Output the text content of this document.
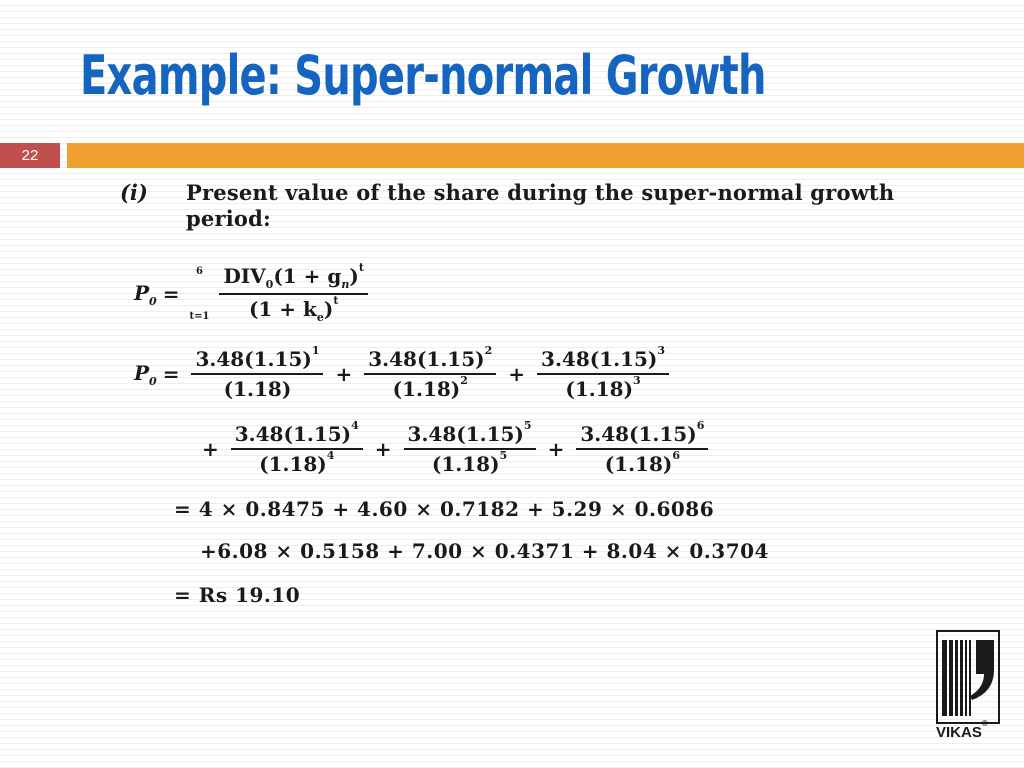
Example: Super-normal Growth
22
(i) Present value of the share during the super-normal growth period:
$P_0$ =
6
$t=1 \frac{DIV_0(1 + g_n)^t}{(1 + k_e)^t}$
$P_0 = \frac{3.48(1.15)^1}{(1.18)} + \frac{3.48(1.15)^2}{(1.18)^2} + \frac{3.48(1.15)^3}{(1.18)^3}$
+ $\frac{3.48(1.15)^4}{(1.18)^4} + \frac{3.48(1.15)^5}{(1.18)^5} + \frac{3.48(1.15)^6}{(1.18)^6}$
= 4 × 0.8475 + 4.60 × 0.7182 + 5.29 × 0.6086
+6.08 × 0.5158 + 7.00 × 0.4371 + 8.04 × 0.3704
= Rs 19.10
VIKAS®
